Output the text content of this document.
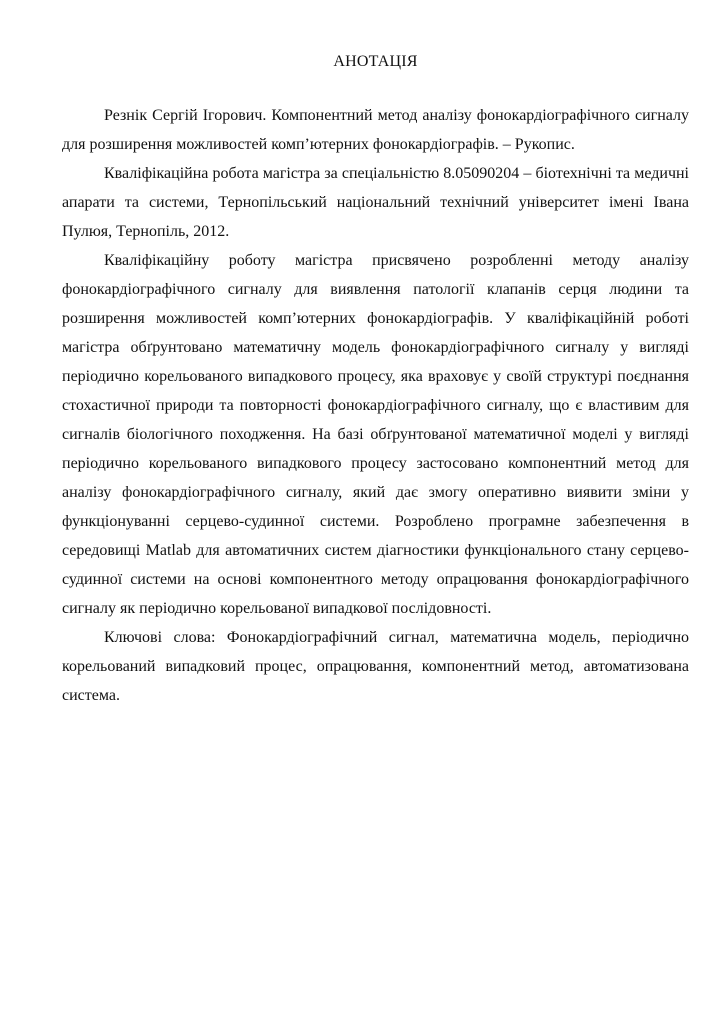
АНОТАЦІЯ

Резнік Сергій Ігорович. Компонентний метод аналізу фонокардіографічного сигналу для розширення можливостей комп’ютерних фонокардіографів. – Рукопис.

Кваліфікаційна робота магістра за спеціальністю 8.05090204 – біотехнічні та медичні апарати та системи, Тернопільський національний технічний університет імені Івана Пулюя, Тернопіль, 2012.

Кваліфікаційну роботу магістра присвячено розробленні методу аналізу фонокардіографічного сигналу для виявлення патології клапанів серця людини та розширення можливостей комп’ютерних фонокардіографів. У кваліфікаційній роботі магістра обґрунтовано математичну модель фонокардіографічного сигналу у вигляді періодично корельованого випадкового процесу, яка враховує у своїй структурі поєднання стохастичної природи та повторності фонокардіографічного сигналу, що є властивим для сигналів біологічного походження. На базі обґрунтованої математичної моделі у вигляді періодично корельованого випадкового процесу застосовано компонентний метод для аналізу фонокардіографічного сигналу, який дає змогу оперативно виявити зміни у функціонуванні серцево-судинної системи. Розроблено програмне забезпечення в середовищі Matlab для автоматичних систем діагностики функціонального стану серцево-судинної системи на основі компонентного методу опрацювання фонокардіографічного сигналу як періодично корельованої випадкової послідовності.

Ключові слова: Фонокардіографічний сигнал, математична модель, періодично корельований випадковий процес, опрацювання, компонентний метод, автоматизована система.
